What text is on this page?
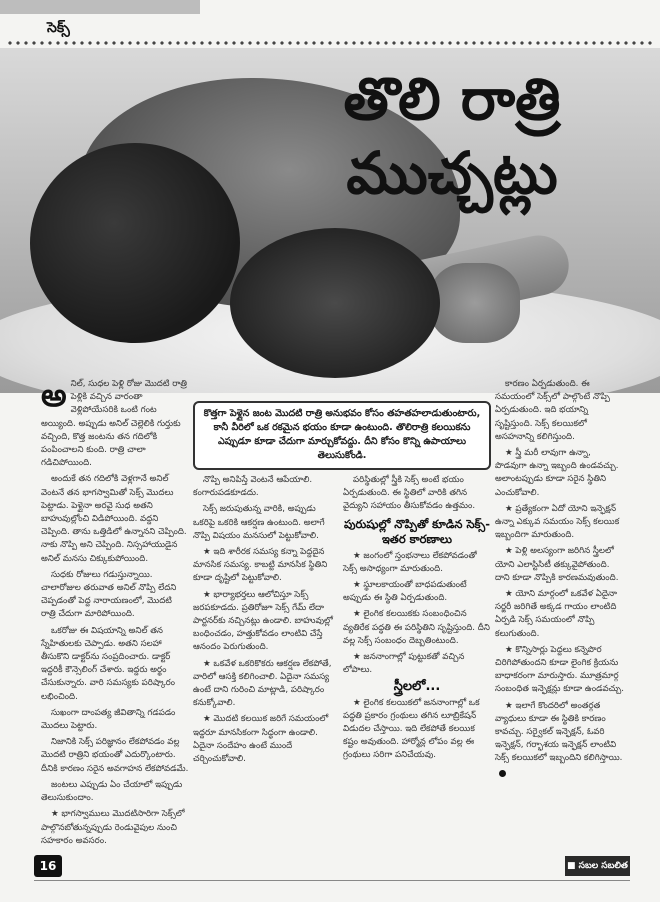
సెక్స్
తొలి రాత్రి
ముచ్చట్లు
కొత్తగా పెళ్లైన జంట మొదటి రాత్రి అనుభవం కోసం తహతహలాడుతుంటారు, కానీ వీరిలో ఒక రకమైన భయం కూడా ఉంటుంది. తొలిరాత్రి కలయికను ఎప్పుడూ కూడా చేదుగా మార్చుకోవద్దు. దీని కోసం కొన్ని ఉపాయాలు తెలుసుకోండి.
అ నిల్, సుధల పెళ్లి రోజు మొదటి రాత్రి పెళ్లికి వచ్చిన వారంతా వెళ్లిపోయేసరికి ఒంటి గంట అయ్యింది. అప్పుడు అనిల్ చెల్లెలికి గుర్తుకు వచ్చింది, కొత్త జంటను తన గదిలోకి పంపించాలని కుంది. రాత్రి చాలా గడిచిపోయింది.

అందుకే తన గదిలోకి వెళ్లగానే అనిల్ వెంటనే తన భాగస్వామితో సెక్స్ మొదలు పెట్టాడు. పెళ్లైనా అరవై సుధ అతని బాహువుల్లోంచి విడిపోయింది. వద్దని చెప్పింది. తాను ఒత్తిడిలో ఉన్నానని చెప్పింది. నాకు నొప్పి అని చెప్పింది. నిస్సహాయుడైన అనిల్ మనసు చిక్కుకుపోయింది.

సుధకు రోజులు గడుస్తున్నాయి. చాలారోజుల తరువాత అనిల్ నొప్పి లేదని చెప్పడంతో పెద్ద నారాయణంలో, మొదటి రాత్రి చేదుగా మారిపోయింది.

ఒకరోజు ఈ విషయాన్ని అనిల్ తన స్నేహితులకు చెప్పాడు. అతని సలహా తీసుకొని డాక్టర్‌ను సంప్రదించారు. డాక్టర్ ఇద్దరికీ కౌన్సెలింగ్ చేశారు. ఇద్దరు అర్థం చేసుకున్నారు. వారి సమస్యకు పరిష్కారం లభించింది.

సుఖంగా దాంపత్య జీవితాన్ని గడపడం మొదలు పెట్టారు.

నిజానికి సెక్స్ పరిజ్ఞానం లేకపోవడం వల్ల మొదటి రాత్రిని భయంతో ఎదుర్కొంటారు. దీనికి కారణం సరైన అవగాహన లేకపోవడమే.

జంటలు ఎప్పుడు ఏం చేయాలో ఇప్పుడు తెలుసుకుందాం.

★ భాగస్వాములు మొదటిసారిగా సెక్స్‌లో పాల్గొనబోతున్నప్పుడు రెండువైపుల నుంచి సహకారం అవసరం.

నొప్పి అనిపిస్తే వెంటనే ఆపేయాలి. కంగారుపడకూడదు.

సెక్స్ జరుపుతున్న వారికి, అప్పుడు ఒకరిపై ఒకరికి ఆకర్షణ ఉంటుంది. అలాగే నొప్పి విషయం మనసులో పెట్టుకోవాలి.

★ ఇది శారీరక సమస్య కన్నా పెద్దదైన మానసిక సమస్య. కాబట్టి మానసిక స్థితిని కూడా దృష్టిలో పెట్టుకోవాలి.

★ భార్యాభర్తలు ఆలోచిస్తూ సెక్స్ జరపకూడదు. ప్రతిరోజూ సెక్స్ గేమ్ లేదా పార్టనర్‌కు నచ్చినట్లు ఉండాలి. బాహువుల్లో బంధించడం, హత్తుకోవడం లాంటివి చేస్తే ఆనందం పెరుగుతుంది.

★ ఒకవేళ ఒకరికొకరు ఆకర్షణ లేకపోతే, వారిలో ఆసక్తి కలిగించాలి. ఏదైనా సమస్య ఉంటే దాని గురించి మాట్లాడి, పరిష్కారం కనుక్కోవాలి.

★ మొదటి కలయిక జరిగే సమయంలో ఇద్దరూ మానసికంగా సిద్ధంగా ఉండాలి. ఏదైనా సందేహం ఉంటే ముందే చర్చించుకోవాలి.

పరిస్థితుల్లో స్త్రీకి సెక్స్ అంటే భయం ఏర్పడుతుంది. ఈ స్థితిలో వారికి తగిన వైద్యుని సహాయం తీసుకోవడం ఉత్తమం.

పురుషుల్లో నొప్పితో కూడిన సెక్స్- ఇతర కారణాలు

★ జంగంలో స్తంభనాలు లేకపోవడంతో సెక్స్ అసాధ్యంగా మారుతుంది.

★ స్థూలకాయంతో బాధపడుతుంటే అప్పుడు ఈ స్థితి ఏర్పడుతుంది.

★ లైంగిక కలయికకు సంబంధించిన వ్యతిరేక పద్ధతి ఈ పరిస్థితిని సృష్టిస్తుంది. దీని వల్ల సెక్స్ సంబంధం దెబ్బతింటుంది.

★ జననాంగాల్లో పుట్టుకతో వచ్చిన లోపాలు.

స్త్రీలలో...

★ లైంగిక కలయికలో జననాంగాల్లో ఒక పద్ధతి ప్రకారం గ్రంథులు తగిన లూబ్రికేషన్ విడుదల చేస్తాయి. ఇది లేకపోతే కలయిక కష్టం అవుతుంది. హార్మోన్ల లోపం వల్ల ఈ గ్రంథులు సరిగా పనిచేయవు.

కారణం ఏర్పడుతుంది. ఈ సమయంలో సెక్స్‌లో పాల్గొంటే నొప్పి ఏర్పడుతుంది. ఇది భయాన్ని సృష్టిస్తుంది. సెక్స్ కలయికలో అసహనాన్ని కలిగిస్తుంది.

★ స్త్రీ మరీ లావుగా ఉన్నా, పొడవుగా ఉన్నా ఇబ్బంది ఉండవచ్చు. అలాంటప్పుడు కూడా సరైన స్థితిని ఎంచుకోవాలి.

★ ప్రత్యేకంగా ఏదో యోని ఇన్ఫెక్షన్ ఉన్నా ఎక్కువ సమయం సెక్స్ కలయిక ఇబ్బందిగా మారుతుంది.

★ పెళ్లి అలస్యంగా జరిగిన స్త్రీలలో యోని ఎలాస్టిసిటీ తక్కువైపోతుంది. దాని కూడా నొప్పికి కారణమవుతుంది.

★ యోని మార్గంలో ఒకవేళ ఏదైనా సర్జరీ జరిగితే అక్కడ గాయం లాంటిది ఏర్పడి సెక్స్ సమయంలో నొప్పి కలుగుతుంది.

★ కొన్నిసార్లు పెద్దలు కన్నెపొర చిరిగిపోతుందని కూడా లైంగిక క్రియను బాధాకరంగా మారుస్తారు. మూత్రమార్గ సంబంధిత ఇన్ఫెక్షన్లు కూడా ఉండవచ్చు.

★ ఇలాగే కొందరిలో అంతర్గత వ్యాధులు కూడా ఈ స్థితికి కారణం కావచ్చు. సర్వైకల్ ఇన్ఫెక్షన్, ఓవరి ఇన్ఫెక్షన్, గర్భాశయ ఇన్ఫెక్షన్ లాంటివి సెక్స్ కలయికలో ఇబ్బందిని కలిగిస్తాయి.

16	■ సబల సబలిత
